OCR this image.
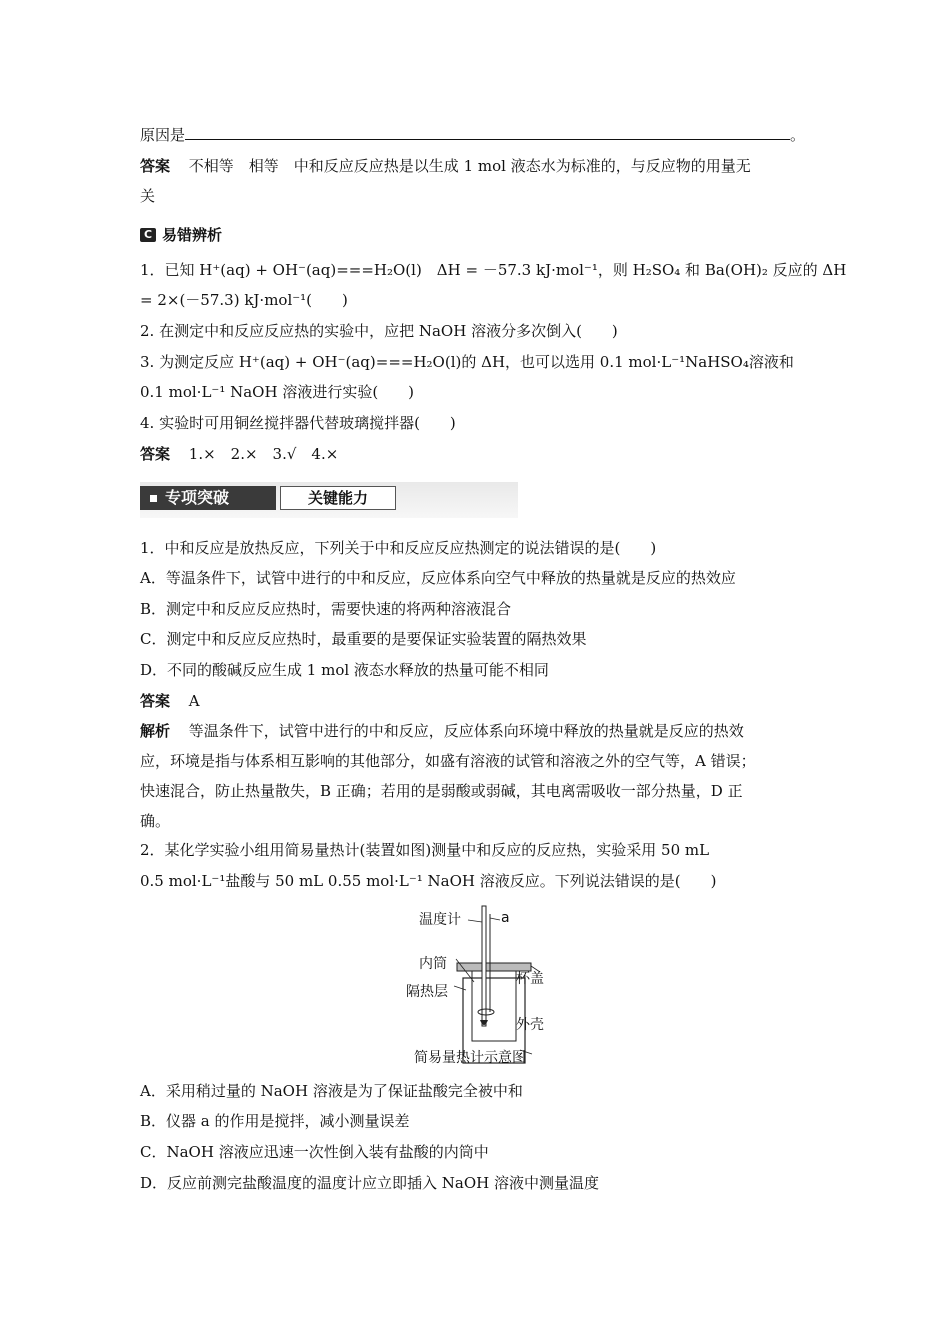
原因是	。
答案 不相等　相等　中和反应反应热是以生成 1 mol 液态水为标准的，与反应物的用量无
关
C 易错辨析
1．已知 H⁺(aq) + OH⁻(aq)===H₂O(l)　ΔH = －57.3 kJ·mol⁻¹，则 H₂SO₄ 和 Ba(OH)₂ 反应的 ΔH
= 2×(－57.3) kJ·mol⁻¹(　　)
2. 在测定中和反应反应热的实验中，应把 NaOH 溶液分多次倒入(　　)
3. 为测定反应 H⁺(aq) + OH⁻(aq)===H₂O(l)的 ΔH，也可以选用 0.1 mol·L⁻¹NaHSO₄溶液和
0.1 mol·L⁻¹ NaOH 溶液进行实验(　　)
4. 实验时可用铜丝搅拌器代替玻璃搅拌器(　　)
答案 1.×　2.×　3.√　4.×
专项突破	关键能力
1．中和反应是放热反应，下列关于中和反应反应热测定的说法错误的是(　　)
A．等温条件下，试管中进行的中和反应，反应体系向空气中释放的热量就是反应的热效应
B．测定中和反应反应热时，需要快速的将两种溶液混合
C．测定中和反应反应热时，最重要的是要保证实验装置的隔热效果
D．不同的酸碱反应生成 1 mol 液态水释放的热量可能不相同
答案 A
解析 等温条件下，试管中进行的中和反应，反应体系向环境中释放的热量就是反应的热效
应，环境是指与体系相互影响的其他部分，如盛有溶液的试管和溶液之外的空气等，A 错误；
快速混合，防止热量散失，B 正确；若用的是弱酸或弱碱，其电离需吸收一部分热量，D 正
确。
2．某化学实验小组用简易量热计(装置如图)测量中和反应的反应热，实验采用 50 mL
0.5 mol·L⁻¹盐酸与 50 mL 0.55 mol·L⁻¹ NaOH 溶液反应。下列说法错误的是(　　)
温度计	a
内筒
杯盖
隔热层
外壳
简易量热计示意图
A．采用稍过量的 NaOH 溶液是为了保证盐酸完全被中和
B．仪器 a 的作用是搅拌，减小测量误差
C．NaOH 溶液应迅速一次性倒入装有盐酸的内筒中
D．反应前测完盐酸温度的温度计应立即插入 NaOH 溶液中测量温度
